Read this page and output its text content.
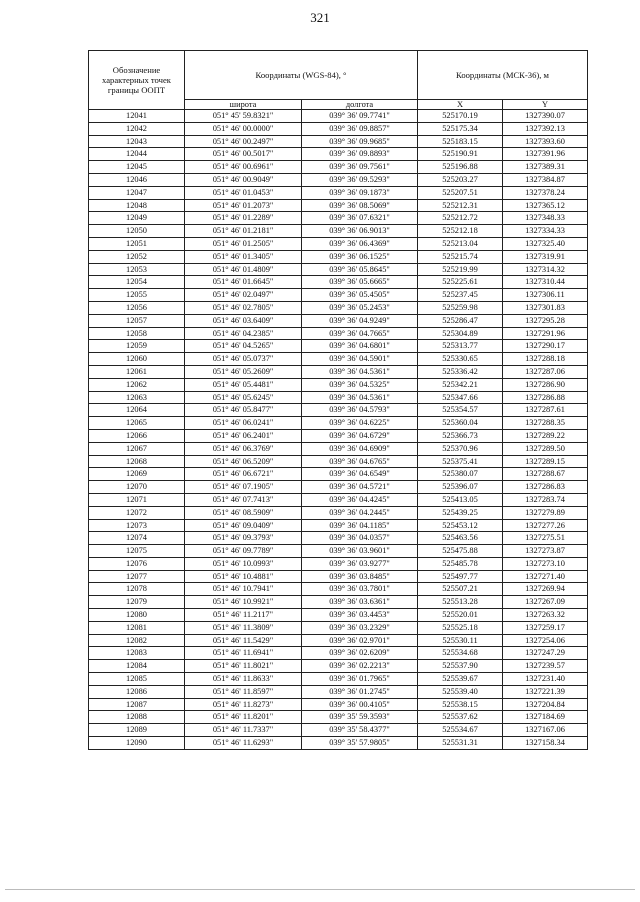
321
Обозначение характерных точек границы ООПТ	Координаты (WGS-84), °		Координаты (МСК-36), м	
	широта	долгота	X	Y
12041	051° 45' 59.8321"	039° 36' 09.7741"	525170.19	1327390.07
12042	051° 46' 00.0000"	039° 36' 09.8857"	525175.34	1327392.13
12043	051° 46' 00.2497"	039° 36' 09.9685"	525183.15	1327393.60
12044	051° 46' 00.5017"	039° 36' 09.8893"	525190.91	1327391.96
12045	051° 46' 00.6961"	039° 36' 09.7561"	525196.88	1327389.31
12046	051° 46' 00.9049"	039° 36' 09.5293"	525203.27	1327384.87
12047	051° 46' 01.0453"	039° 36' 09.1873"	525207.51	1327378.24
12048	051° 46' 01.2073"	039° 36' 08.5069"	525212.31	1327365.12
12049	051° 46' 01.2289"	039° 36' 07.6321"	525212.72	1327348.33
12050	051° 46' 01.2181"	039° 36' 06.9013"	525212.18	1327334.33
12051	051° 46' 01.2505"	039° 36' 06.4369"	525213.04	1327325.40
12052	051° 46' 01.3405"	039° 36' 06.1525"	525215.74	1327319.91
12053	051° 46' 01.4809"	039° 36' 05.8645"	525219.99	1327314.32
12054	051° 46' 01.6645"	039° 36' 05.6665"	525225.61	1327310.44
12055	051° 46' 02.0497"	039° 36' 05.4505"	525237.45	1327306.11
12056	051° 46' 02.7805"	039° 36' 05.2453"	525259.98	1327301.83
12057	051° 46' 03.6409"	039° 36' 04.9249"	525286.47	1327295.28
12058	051° 46' 04.2385"	039° 36' 04.7665"	525304.89	1327291.96
12059	051° 46' 04.5265"	039° 36' 04.6801"	525313.77	1327290.17
12060	051° 46' 05.0737"	039° 36' 04.5901"	525330.65	1327288.18
12061	051° 46' 05.2609"	039° 36' 04.5361"	525336.42	1327287.06
12062	051° 46' 05.4481"	039° 36' 04.5325"	525342.21	1327286.90
12063	051° 46' 05.6245"	039° 36' 04.5361"	525347.66	1327286.88
12064	051° 46' 05.8477"	039° 36' 04.5793"	525354.57	1327287.61
12065	051° 46' 06.0241"	039° 36' 04.6225"	525360.04	1327288.35
12066	051° 46' 06.2401"	039° 36' 04.6729"	525366.73	1327289.22
12067	051° 46' 06.3769"	039° 36' 04.6909"	525370.96	1327289.50
12068	051° 46' 06.5209"	039° 36' 04.6765"	525375.41	1327289.15
12069	051° 46' 06.6721"	039° 36' 04.6549"	525380.07	1327288.67
12070	051° 46' 07.1905"	039° 36' 04.5721"	525396.07	1327286.83
12071	051° 46' 07.7413"	039° 36' 04.4245"	525413.05	1327283.74
12072	051° 46' 08.5909"	039° 36' 04.2445"	525439.25	1327279.89
12073	051° 46' 09.0409"	039° 36' 04.1185"	525453.12	1327277.26
12074	051° 46' 09.3793"	039° 36' 04.0357"	525463.56	1327275.51
12075	051° 46' 09.7789"	039° 36' 03.9601"	525475.88	1327273.87
12076	051° 46' 10.0993"	039° 36' 03.9277"	525485.78	1327273.10
12077	051° 46' 10.4881"	039° 36' 03.8485"	525497.77	1327271.40
12078	051° 46' 10.7941"	039° 36' 03.7801"	525507.21	1327269.94
12079	051° 46' 10.9921"	039° 36' 03.6361"	525513.28	1327267.09
12080	051° 46' 11.2117"	039° 36' 03.4453"	525520.01	1327263.32
12081	051° 46' 11.3809"	039° 36' 03.2329"	525525.18	1327259.17
12082	051° 46' 11.5429"	039° 36' 02.9701"	525530.11	1327254.06
12083	051° 46' 11.6941"	039° 36' 02.6209"	525534.68	1327247.29
12084	051° 46' 11.8021"	039° 36' 02.2213"	525537.90	1327239.57
12085	051° 46' 11.8633"	039° 36' 01.7965"	525539.67	1327231.40
12086	051° 46' 11.8597"	039° 36' 01.2745"	525539.40	1327221.39
12087	051° 46' 11.8273"	039° 36' 00.4105"	525538.15	1327204.84
12088	051° 46' 11.8201"	039° 35' 59.3593"	525537.62	1327184.69
12089	051° 46' 11.7337"	039° 35' 58.4377"	525534.67	1327167.06
12090	051° 46' 11.6293"	039° 35' 57.9805"	525531.31	1327158.34
